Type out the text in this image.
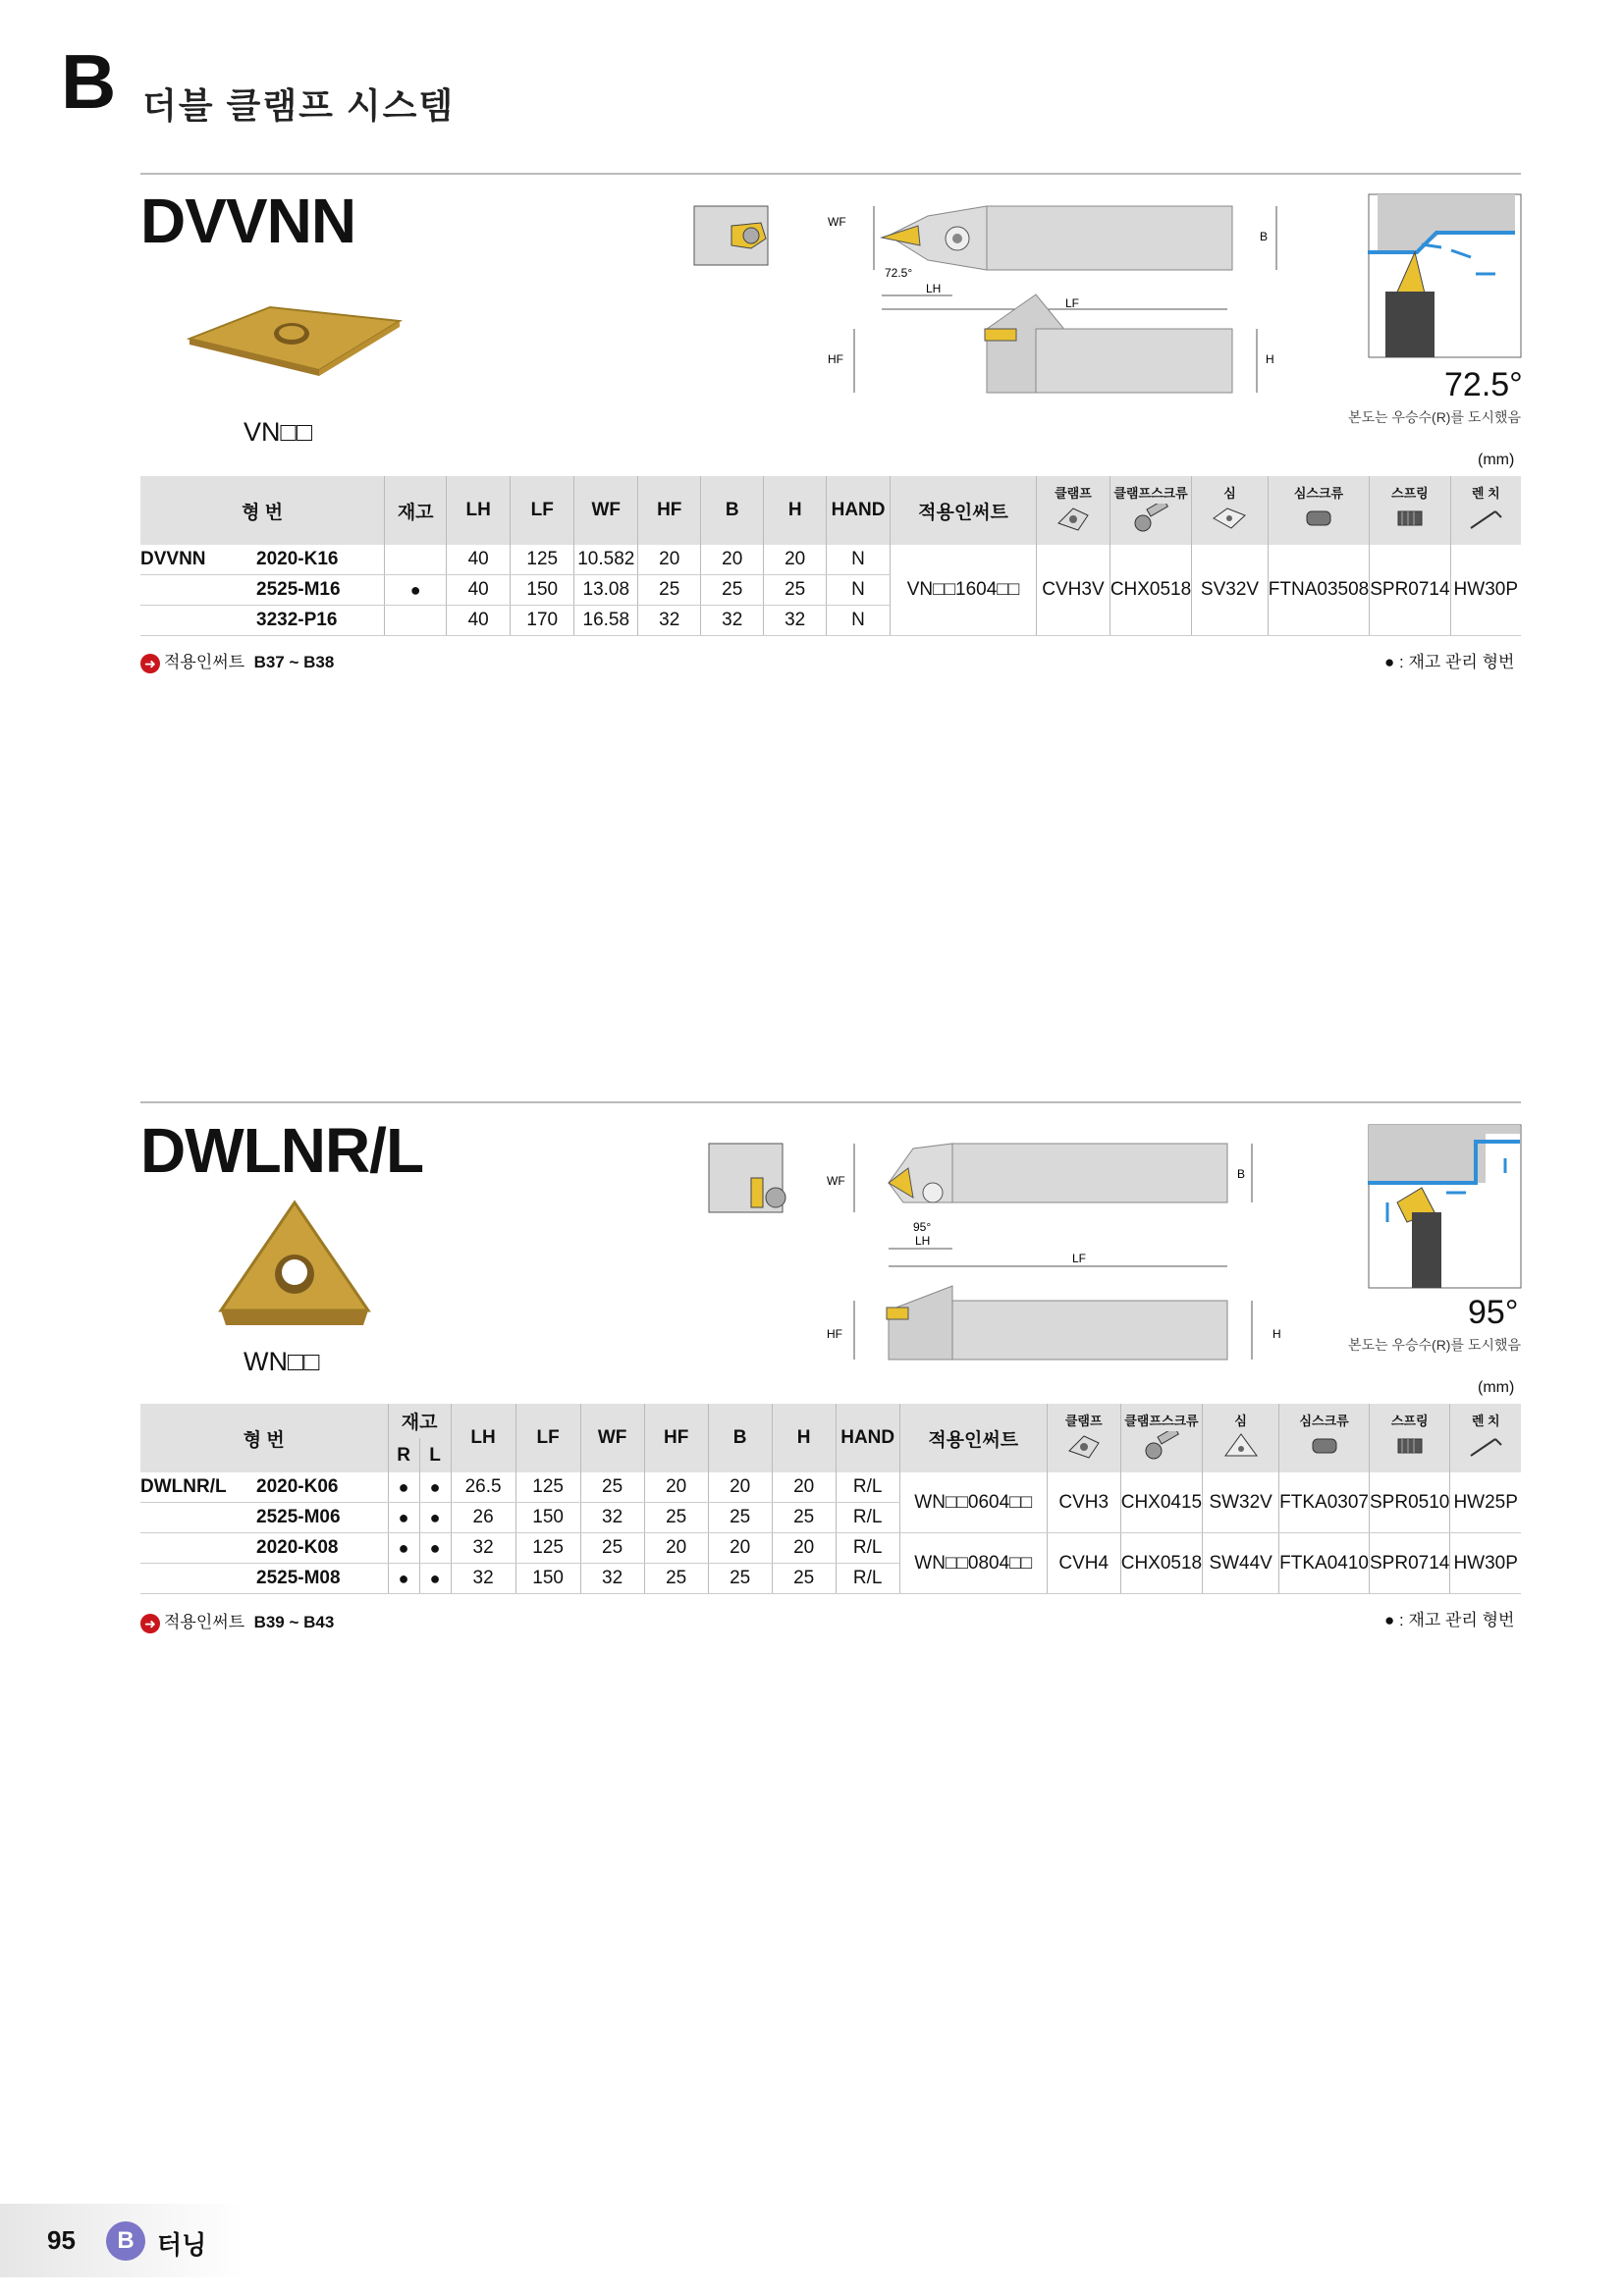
B 더블 클램프 시스템
DVVNN
VN□□
WF
B
72.5°
LH
LF
HF	H
72.5°
본도는 우승수(R)를 도시했음
(mm)
형 번	재고	LH	LF	WF	HF	B	H	HAND	적용인써트	클램프	클램프스크류	심	심스크류	스프링	렌 치

DVVNN 2020-K16		40	125	10.582	20	20	20	N	VN□□1604□□	CVH3V	CHX0518	SV32V	FTNA03508	SPR0714	HW30P
2525-M16	●	40	150	13.08	25	25	25	N							
3232-P16		40	170	16.58	32	32	32	N							
➜ 적용인써트 B37 ~ B38	● : 재고 관리 형번
DWLNR/L
WN□□
WF	B
95°
LH
LF
HF	H
95°
본도는 우승수(R)를 도시했음
(mm)
형 번	재고		LH	LF	WF	HF	B	H	HAND	적용인써트	클램프	클램프스크류	심	심스크류	스프링	렌 치

	R	L														
DWLNR/L 2020-K06	●	●	26.5	125	25	20	20	20	R/L	WN□□0604□□	CVH3	CHX0415	SW32V	FTKA0307	SPR0510	HW25P
2525-M06	●	●	26	150	32	25	25	25	R/L							
2020-K08	●	●	32	125	25	20	20	20	R/L	WN□□0804□□	CVH4	CHX0518	SW44V	FTKA0410	SPR0714	HW30P
2525-M08	●	●	32	150	32	25	25	25	R/L							
➜ 적용인써트 B39 ~ B43	● : 재고 관리 형번
95	B 터닝
